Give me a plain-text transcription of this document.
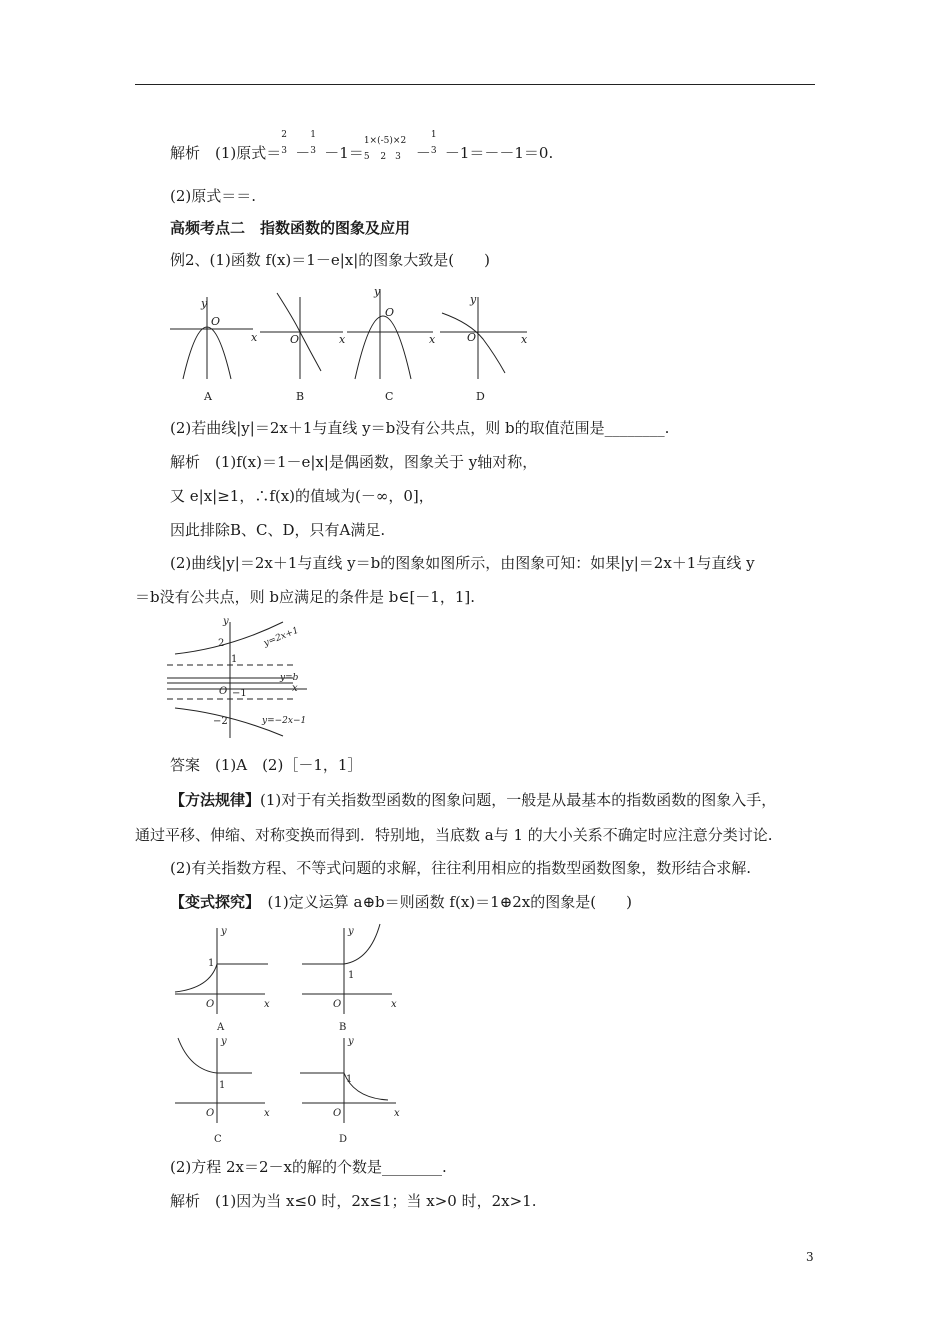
解析　(1)原式＝
2
3 －
1
3 －1＝
1×(-5)×2
5   2  3 －
1
3 －1＝－－1＝0.
(2)原式＝＝.
高频考点二　指数函数的图象及应用
例2、(1)函数 f(x)＝1－e|x|的图象大致是(　　)
y
O
x	O	x
y
O
x
y
O	x
A	B	C	D
(2)若曲线|y|＝2x＋1与直线 y＝b没有公共点，则 b的取值范围是________.
解析　(1)f(x)＝1－e|x|是偶函数，图象关于 y轴对称，
又 e|x|≥1，∴f(x)的值域为(－∞，0]，
因此排除B、C、D，只有A满足.
(2)曲线|y|＝2x＋1与直线 y＝b的图象如图所示，由图象可知：如果|y|＝2x＋1与直线 y
＝b没有公共点，则 b应满足的条件是 b∈[－1，1].
y
2
1
O −1
−2
x
y=2x+1
y=b
y=−2x−1
答案　(1)A　(2)［－1，1］
【方法规律】(1)对于有关指数型函数的图象问题，一般是从最基本的指数函数的图象入手，
通过平移、伸缩、对称变换而得到．特别地，当底数 a与 1 的大小关系不确定时应注意分类讨论.
(2)有关指数方程、不等式问题的求解，往往利用相应的指数型函数图象，数形结合求解.
【变式探究】　(1)定义运算 a⊕b＝则函数 f(x)＝1⊕2x的图象是(　　)
y
1
O	x
A
y
1
O	x
B
y
1
O	x
C
y
1
O	x
D
(2)方程 2x＝2－x的解的个数是________.
解析　(1)因为当 x≤0 时，2x≤1；当 x>0 时，2x>1.
3
